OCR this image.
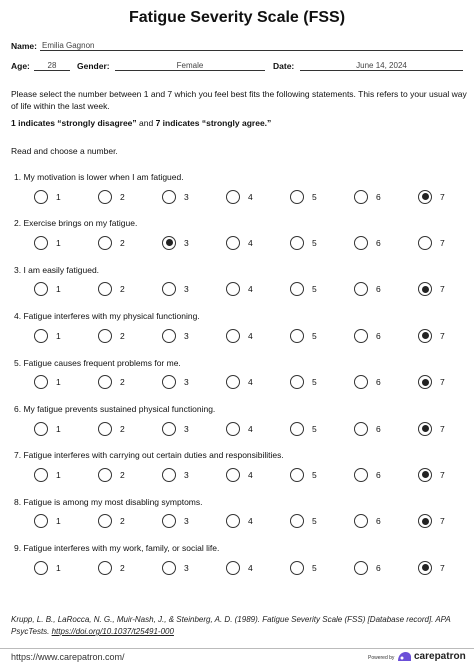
Fatigue Severity Scale (FSS)
Name: Emilia Gagnon
Age:	28	Gender:	Female	Date:	June 14, 2024
Please select the number between 1 and 7 which you feel best fits the following statements. This refers to your usual way of life within the last week.
1 indicates “strongly disagree” and 7 indicates “strongly agree.”
Read and choose a number.
1. My motivation is lower when I am fatigued.
1	2	3	4	5	6	7
2. Exercise brings on my fatigue.
1	2	3	4	5	6	7
3. I am easily fatigued.
1	2	3	4	5	6	7
4. Fatigue interferes with my physical functioning.
1	2	3	4	5	6	7
5. Fatigue causes frequent problems for me.
1	2	3	4	5	6	7
6. My fatigue prevents sustained physical functioning.
1	2	3	4	5	6	7
7. Fatigue interferes with carrying out certain duties and responsibilities.
1	2	3	4	5	6	7
8. Fatigue is among my most disabling symptoms.
1	2	3	4	5	6	7
9. Fatigue interferes with my work, family, or social life.
1	2	3	4	5	6	7
Krupp, L. B., LaRocca, N. G., Muir-Nash, J., & Steinberg, A. D. (1989). Fatigue Severity Scale (FSS) [Database record]. APA PsycTests. https://doi.org/10.1037/t25491-000
https://www.carepatron.com/	Powered by carepatron
